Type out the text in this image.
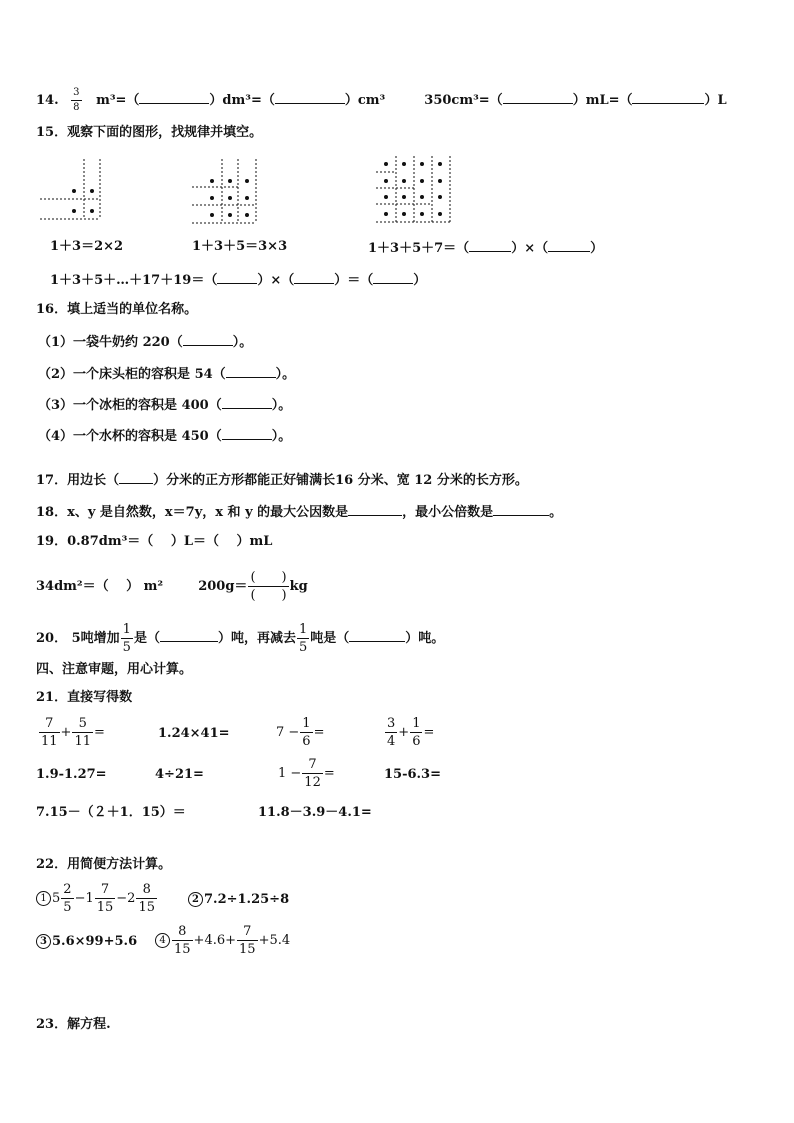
14. $\frac{3}{8} m^3=$（	）dm³=（	）cm³	350cm³=（	）mL=（	）L
15．观察下面的图形，找规律并填空。
1＋3＝2×2	1＋3＋5＝3×3	1＋3＋5＋7＝（	）×（	）
1＋3＋5＋…＋17＋19＝（	）×（	）＝（	）
16．填上适当的单位名称。
（1）一袋牛奶约 220（	）。
（2）一个床头柜的容积是 54（	）。
（3）一个冰柜的容积是 400（	）。
（4）一个水杯的容积是 450（	）。
17．用边长（	）分米的正方形都能正好铺满长16 分米、宽 12 分米的长方形。
18．x、y 是自然数，x＝7y，x 和 y 的最大公因数是	，最小公倍数是	。
19．0.87dm³＝（　 ）L＝（　 ）mL
34dm²＝（　 ） m²	$200g= \frac{( )}{( )}$ kg
20． 5吨增加 $\frac{1}{5}$ 是（	）吨，再减去 $\frac{1}{5}$ 吨是（	）吨。
四、注意审题，用心计算。
21．直接写得数
$\frac{7}{11} + \frac{5}{11}$ =	1.24×41=	$7 - \frac{1}{6}$ =	$\frac{3}{4} + \frac{1}{6}$ =
1.9-1.27=	4÷21=	$1 - \frac{7}{12}$ =	15-6.3=
7.15－（２＋1．15）＝	11.8－3.9－4.1=
22．用简便方法计算。
1 $5 \frac{2}{5} -1 \frac{7}{15} -2 \frac{8}{15}$	2 7.2÷1.25÷8
3 5.6×99+5.6	$4 \frac{8}{15} +4.6+ \frac{7}{15} +5.4$
23．解方程.
